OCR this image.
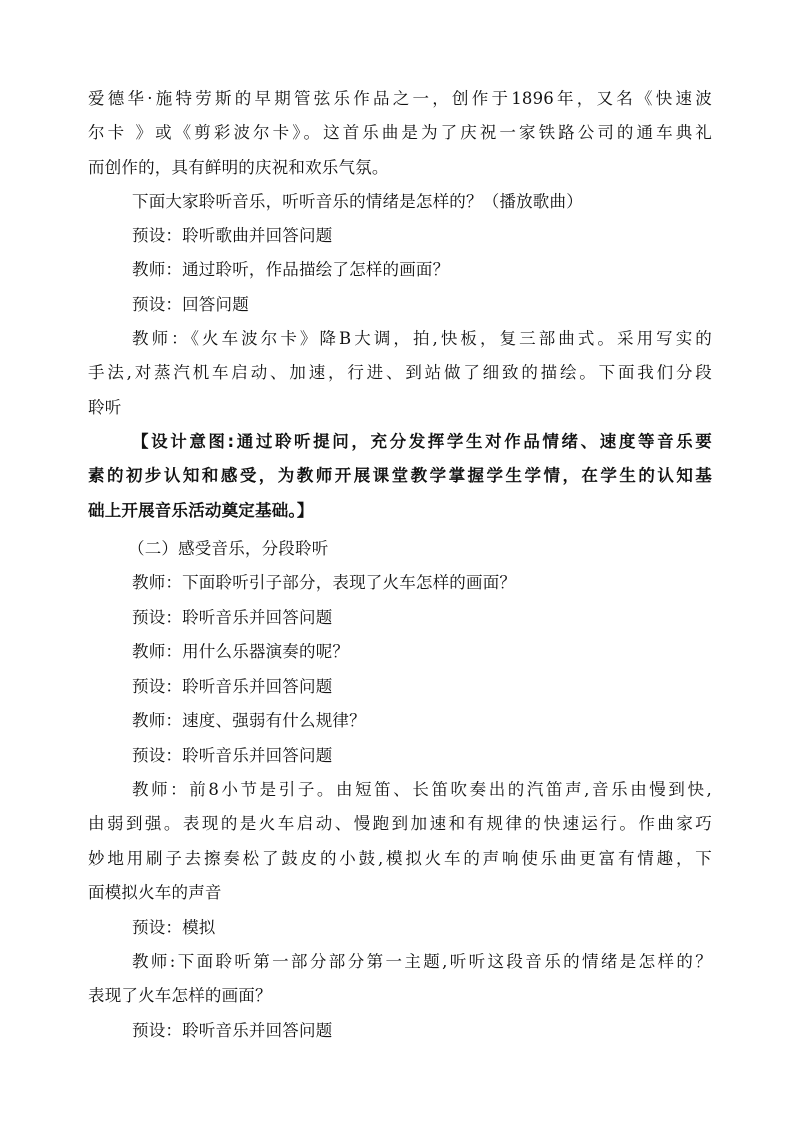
爱德华·施特劳斯的早期管弦乐作品之一，创作于1896年，又名《快速波
尔卡 》或《剪彩波尔卡》。这首乐曲是为了庆祝一家铁路公司的通车典礼
而创作的，具有鲜明的庆祝和欢乐气氛。
下面大家聆听音乐，听听音乐的情绪是怎样的？（播放歌曲）
预设：聆听歌曲并回答问题
教师：通过聆听，作品描绘了怎样的画面？
预设：回答问题
教师：《火车波尔卡》降B大调，拍,快板，复三部曲式。采用写实的
手法,对蒸汽机车启动、加速，行进、到站做了细致的描绘。下面我们分段
聆听
【设计意图:通过聆听提问，充分发挥学生对作品情绪、速度等音乐要
素的初步认知和感受，为教师开展课堂教学掌握学生学情，在学生的认知基
础上开展音乐活动奠定基础。】
（二）感受音乐，分段聆听
教师：下面聆听引子部分，表现了火车怎样的画面？
预设：聆听音乐并回答问题
教师：用什么乐器演奏的呢？
预设：聆听音乐并回答问题
教师：速度、强弱有什么规律？
预设：聆听音乐并回答问题
教师：前8小节是引子。由短笛、长笛吹奏出的汽笛声,音乐由慢到快,
由弱到强。表现的是火车启动、慢跑到加速和有规律的快速运行。作曲家巧
妙地用刷子去擦奏松了鼓皮的小鼓,模拟火车的声响使乐曲更富有情趣，下
面模拟火车的声音
预设：模拟
教师:下面聆听第一部分部分第一主题,听听这段音乐的情绪是怎样的？
表现了火车怎样的画面？
预设：聆听音乐并回答问题
